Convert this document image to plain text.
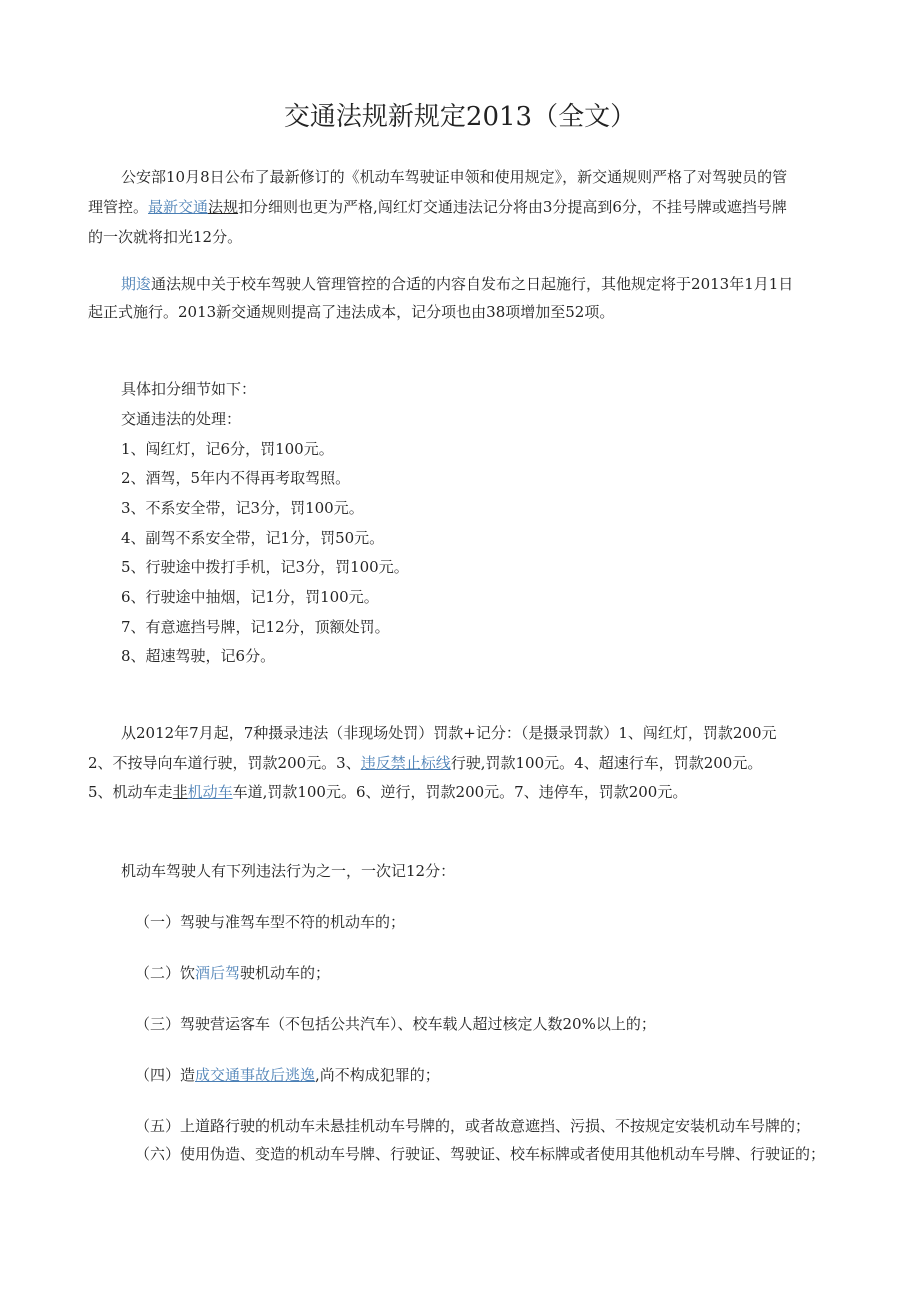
交通法规新规定2013（全文）
公安部10月8日公布了最新修订的《机动车驾驶证申领和使用规定》，新交通规则严格了对驾驶员的管
理管控。最新交通法规扣分细则也更为严格,闯红灯交通违法记分将由3分提高到6分，不挂号牌或遮挡号牌
的一次就将扣光12分。
期逡通法规中关于校车驾驶人管理管控的合适的内容自发布之日起施行，其他规定将于2013年1月1日
起正式施行。2013新交通规则提高了违法成本，记分项也由38项增加至52项。
具体扣分细节如下：
交通违法的处理：
1、闯红灯，记6分，罚100元。
2、酒驾，5年内不得再考取驾照。
3、不系安全带，记3分，罚100元。
4、副驾不系安全带，记1分，罚50元。
5、行驶途中拨打手机，记3分，罚100元。
6、行驶途中抽烟，记1分，罚100元。
7、有意遮挡号牌，记12分，顶额处罚。
8、超速驾驶，记6分。
从2012年7月起，7种摄录违法（非现场处罚）罚款+记分：（是摄录罚款）1、闯红灯，罚款200元
2、不按导向车道行驶，罚款200元。3、违反禁止标线行驶,罚款100元。4、超速行车，罚款200元。
5、机动车走非机动车车道,罚款100元。6、逆行，罚款200元。7、违停车，罚款200元。
机动车驾驶人有下列违法行为之一，一次记12分：
（一）驾驶与准驾车型不符的机动车的；
（二）饮酒后驾驶机动车的；
（三）驾驶营运客车（不包括公共汽车）、校车载人超过核定人数20%以上的；
（四）造成交通事故后逃逸,尚不构成犯罪的；
（五）上道路行驶的机动车未悬挂机动车号牌的，或者故意遮挡、污损、不按规定安装机动车号牌的；
（六）使用伪造、变造的机动车号牌、行驶证、驾驶证、校车标牌或者使用其他机动车号牌、行驶证的；
